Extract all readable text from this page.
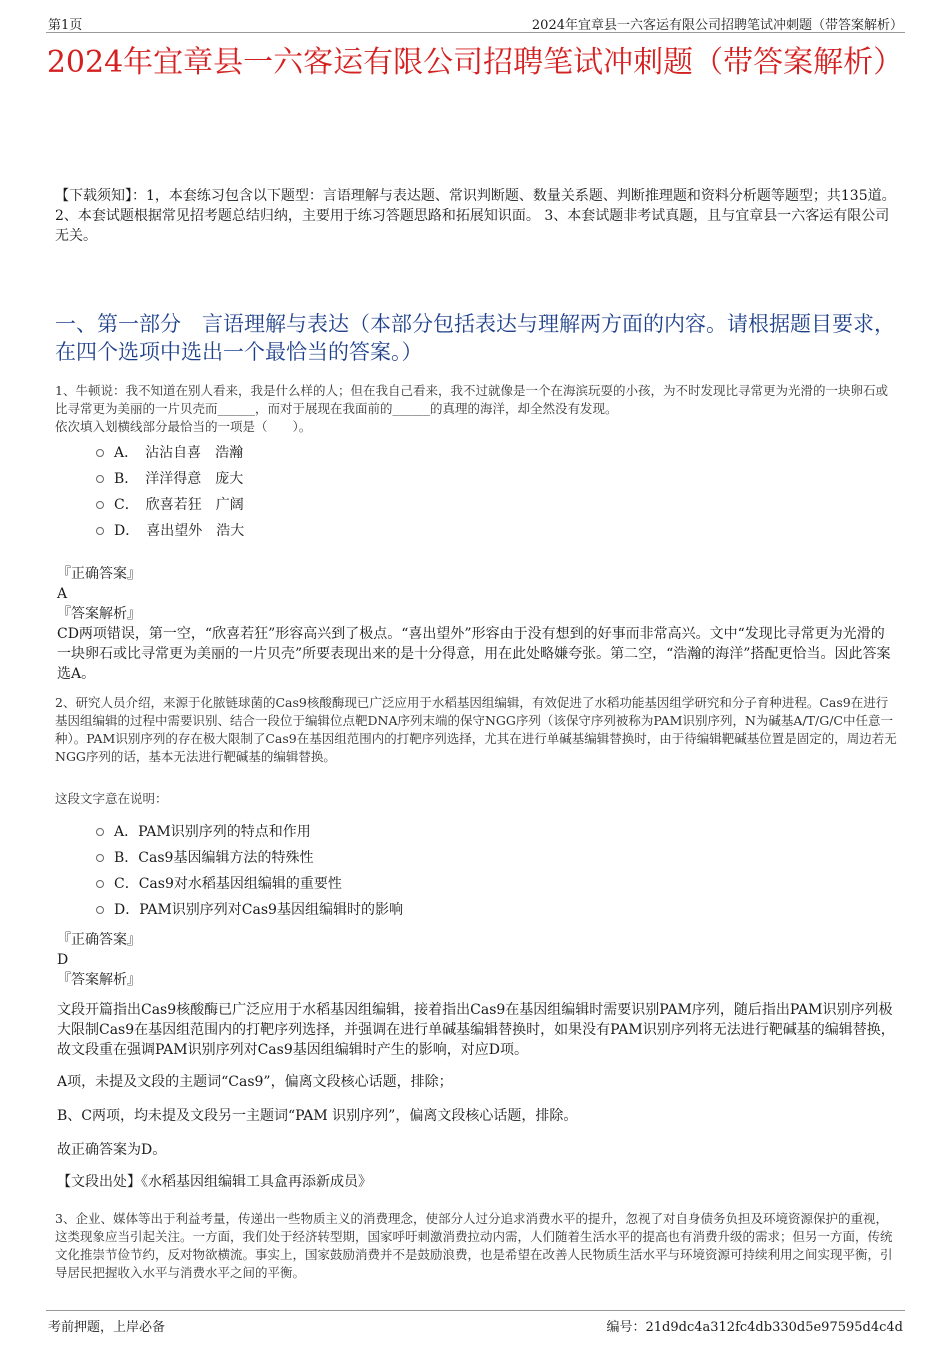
第1页	2024年宜章县一六客运有限公司招聘笔试冲刺题（带答案解析）
2024年宜章县一六客运有限公司招聘笔试冲刺题（带答案解析）
【下载须知】：1，本套练习包含以下题型：言语理解与表达题、常识判断题、数量关系题、判断推理题和资料分析题等题型；共135道。 2、本套试题根据常见招考题总结归纳，主要用于练习答题思路和拓展知识面。 3、本套试题非考试真题，且与宜章县一六客运有限公司无关。
一、第一部分　言语理解与表达（本部分包括表达与理解两方面的内容。请根据题目要求，在四个选项中选出一个最恰当的答案。）
1、牛顿说：我不知道在别人看来，我是什么样的人；但在我自己看来，我不过就像是一个在海滨玩耍的小孩，为不时发现比寻常更为光滑的一块卵石或比寻常更为美丽的一片贝壳而______，而对于展现在我面前的______的真理的海洋，却全然没有发现。
依次填入划横线部分最恰当的一项是（　　）。
A．　沾沾自喜　浩瀚
B．　洋洋得意　庞大
C．　欣喜若狂　广阔
D．　喜出望外　浩大
『正确答案』
A
『答案解析』
CD两项错误，第一空，“欣喜若狂”形容高兴到了极点。“喜出望外”形容由于没有想到的好事而非常高兴。文中“发现比寻常更为光滑的一块卵石或比寻常更为美丽的一片贝壳”所要表现出来的是十分得意，用在此处略嫌夸张。第二空，“浩瀚的海洋”搭配更恰当。因此答案选A。
2、研究人员介绍，来源于化脓链球菌的Cas9核酸酶现已广泛应用于水稻基因组编辑，有效促进了水稻功能基因组学研究和分子育种进程。Cas9在进行基因组编辑的过程中需要识别、结合一段位于编辑位点靶DNA序列末端的保守NGG序列（该保守序列被称为PAM识别序列，N为碱基A/T/G/C中任意一种）。PAM识别序列的存在极大限制了Cas9在基因组范围内的打靶序列选择，尤其在进行单碱基编辑替换时，由于待编辑靶碱基位置是固定的，周边若无NGG序列的话，基本无法进行靶碱基的编辑替换。
这段文字意在说明：
A．PAM识别序列的特点和作用
B．Cas9基因编辑方法的特殊性
C．Cas9对水稻基因组编辑的重要性
D．PAM识别序列对Cas9基因组编辑时的影响
『正确答案』
D
『答案解析』
文段开篇指出Cas9核酸酶已广泛应用于水稻基因组编辑，接着指出Cas9在基因组编辑时需要识别PAM序列，随后指出PAM识别序列极大限制Cas9在基因组范围内的打靶序列选择，并强调在进行单碱基编辑替换时，如果没有PAM识别序列将无法进行靶碱基的编辑替换，故文段重在强调PAM识别序列对Cas9基因组编辑时产生的影响，对应D项。
A项，未提及文段的主题词“Cas9”，偏离文段核心话题，排除；
B、C两项，均未提及文段另一主题词“PAM 识别序列”，偏离文段核心话题，排除。
故正确答案为D。
【文段出处】《水稻基因组编辑工具盒再添新成员》
3、企业、媒体等出于利益考量，传递出一些物质主义的消费理念，使部分人过分追求消费水平的提升，忽视了对自身债务负担及环境资源保护的重视，这类现象应当引起关注。一方面，我们处于经济转型期，国家呼吁刺激消费拉动内需，人们随着生活水平的提高也有消费升级的需求；但另一方面，传统文化推崇节俭节约，反对物欲横流。事实上，国家鼓励消费并不是鼓励浪费，也是希望在改善人民物质生活水平与环境资源可持续利用之间实现平衡，引导居民把握收入水平与消费水平之间的平衡。
考前押题，上岸必备	编号：21d9dc4a312fc4db330d5e97595d4c4d
